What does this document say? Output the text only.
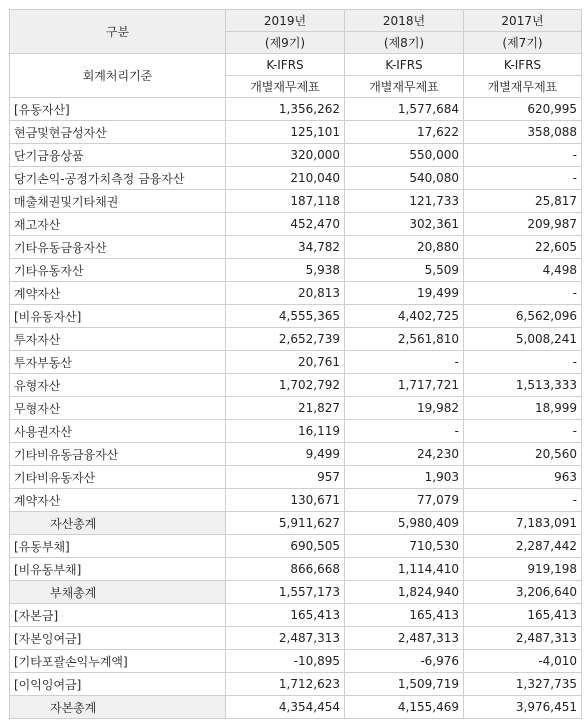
구분	2019년	2018년	2017년
	(제9기)	(제8기)	(제7기)
회계처리기준	K-IFRS	K-IFRS	K-IFRS
	개별재무제표	개별재무제표	개별재무제표
[유동자산]	1,356,262	1,577,684	620,995
현금및현금성자산	125,101	17,622	358,088
단기금융상품	320,000	550,000	-
당기손익-공정가치측정 금융자산	210,040	540,080	-
매출채권및기타채권	187,118	121,733	25,817
재고자산	452,470	302,361	209,987
기타유동금융자산	34,782	20,880	22,605
기타유동자산	5,938	5,509	4,498
계약자산	20,813	19,499	-
[비유동자산]	4,555,365	4,402,725	6,562,096
투자자산	2,652,739	2,561,810	5,008,241
투자부동산	20,761	-	-
유형자산	1,702,792	1,717,721	1,513,333
무형자산	21,827	19,982	18,999
사용권자산	16,119	-	-
기타비유동금융자산	9,499	24,230	20,560
기타비유동자산	957	1,903	963
계약자산	130,671	77,079	-
자산총계	5,911,627	5,980,409	7,183,091
[유동부채]	690,505	710,530	2,287,442
[비유동부채]	866,668	1,114,410	919,198
부채총계	1,557,173	1,824,940	3,206,640
[자본금]	165,413	165,413	165,413
[자본잉여금]	2,487,313	2,487,313	2,487,313
[기타포괄손익누계액]	-10,895	-6,976	-4,010
[이익잉여금]	1,712,623	1,509,719	1,327,735
자본총계	4,354,454	4,155,469	3,976,451
